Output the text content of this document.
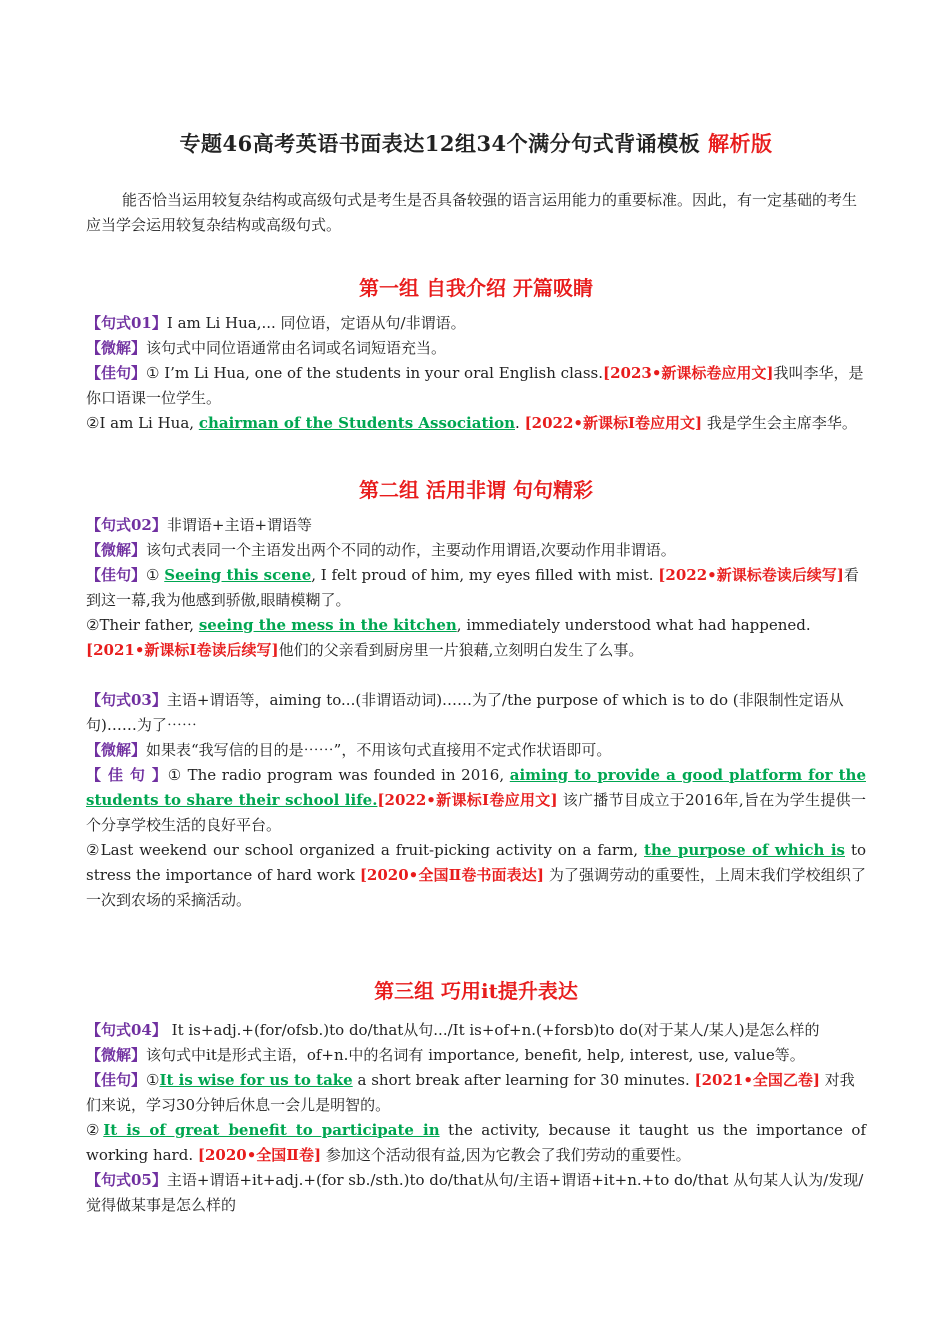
专题46高考英语书面表达12组34个满分句式背诵模板 解析版

能否恰当运用较复杂结构或高级句式是考生是否具备较强的语言运用能力的重要标准。因此，有一定基础的考生应当学会运用较复杂结构或高级句式。

第一组 自我介绍 开篇吸睛

【句式01】I am Li Hua,... 同位语，定语从句/非谓语。

【微解】该句式中同位语通常由名词或名词短语充当。

【佳句】① I’m Li Hua, one of the students in your oral English class.[2023•新课标卷应用文]我叫李华，是你口语课一位学生。

②I am Li Hua, chairman of the Students Association. [2022•新课标I卷应用文] 我是学生会主席李华。

第二组 活用非谓 句句精彩

【句式02】非谓语+主语+谓语等

【微解】该句式表同一个主语发出两个不同的动作，主要动作用谓语,次要动作用非谓语。

【佳句】① Seeing this scene, I felt proud of him, my eyes filled with mist. [2022•新课标卷读后续写]看到这一幕,我为他感到骄傲,眼睛模糊了。

②Their father, seeing the mess in the kitchen, immediately understood what had happened. [2021•新课标I卷读后续写]他们的父亲看到厨房里一片狼藉,立刻明白发生了么事。

【句式03】主语+谓语等，aiming to...(非谓语动词)……为了/the purpose of which is to do (非限制性定语从句)……为了⋯⋯

【微解】如果表“我写信的目的是⋯⋯”，不用该句式直接用不定式作状语即可。

【 佳 句 】① The radio program was founded in 2016, aiming to provide a good platform for the students to share their school life.[2022•新课标I卷应用文] 该广播节目成立于2016年,旨在为学生提供一个分享学校生活的良好平台。

②Last weekend our school organized a fruit-picking activity on a farm, the purpose of which is to stress the importance of hard work [2020•全国Ⅱ卷书面表达] 为了强调劳动的重要性，上周末我们学校组织了一次到农场的采摘活动。

第三组 巧用it提升表达

【句式04】 It is+adj.+(for/ofsb.)to do/that从句.../It is+of+n.(+forsb)to do(对于某人/某人)是怎么样的

【微解】该句式中it是形式主语，of+n.中的名词有 importance, benefit, help, interest, use, value等。

【佳句】①It is wise for us to take a short break after learning for 30 minutes. [2021•全国乙卷] 对我们来说，学习30分钟后休息一会儿是明智的。

②It is of great benefit to participate in the activity, because it taught us the importance of working hard. [2020•全国Ⅱ卷] 参加这个活动很有益,因为它教会了我们劳动的重要性。

【句式05】主语+谓语+it+adj.+(for sb./sth.)to do/that从句/主语+谓语+it+n.+to do/that 从句某人认为/发现/觉得做某事是怎么样的
